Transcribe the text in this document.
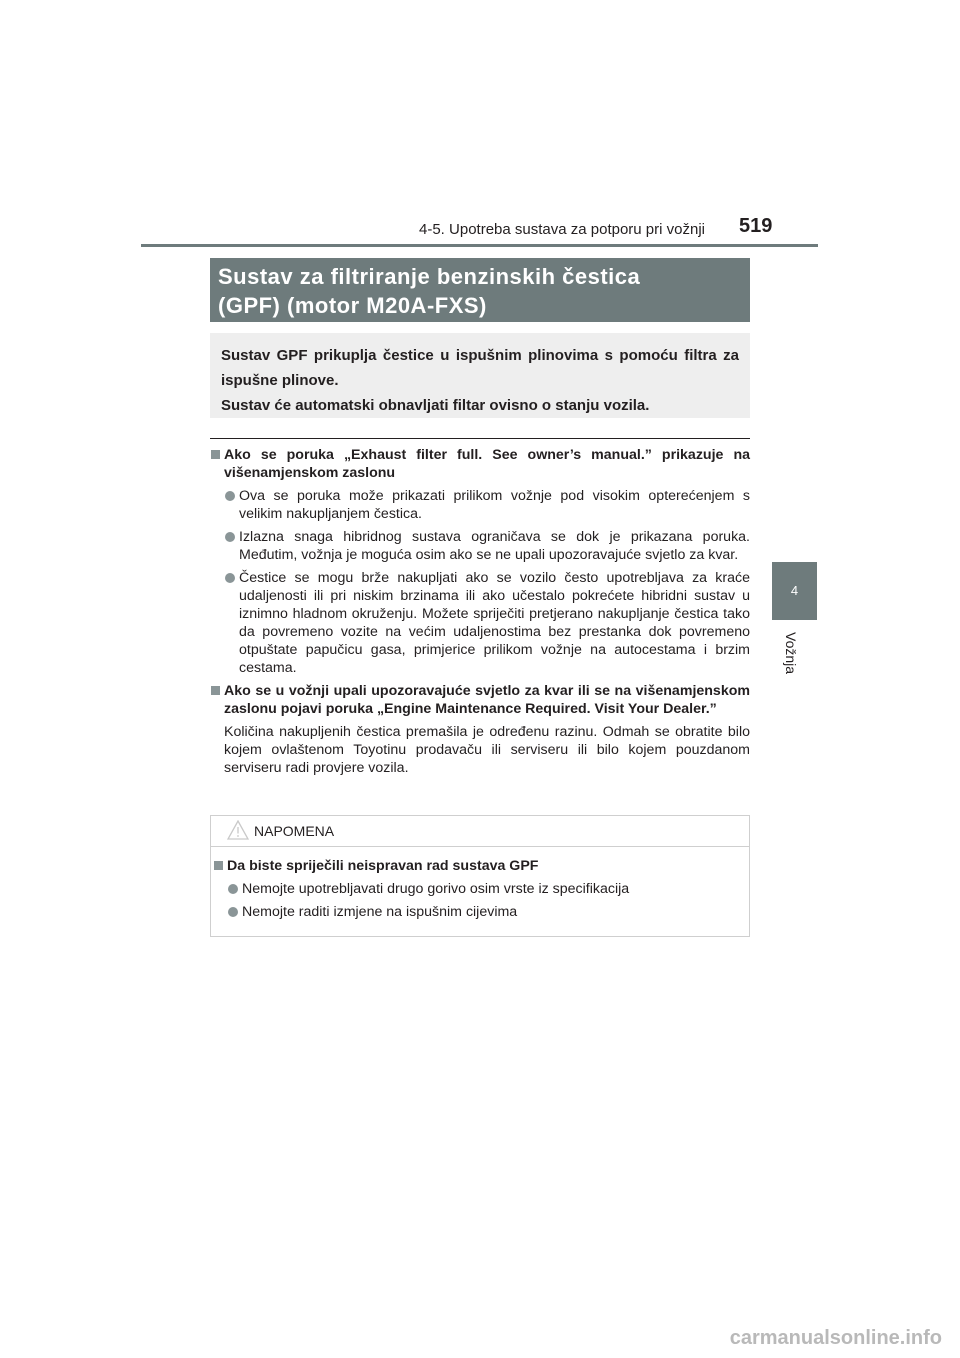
4-5. Upotreba sustava za potporu pri vožnji 519
4
Vožnja
Sustav za filtriranje benzinskih čestica
(GPF) (motor M20A-FXS)

Sustav GPF prikuplja čestice u ispušnim plinovima s pomoću filtra za ispušne plinove.

Sustav će automatski obnavljati filtar ovisno o stanju vozila.

Ako se poruka „Exhaust filter full. See owner’s manual.” prikazuje na višenamjenskom zaslonu
Ova se poruka može prikazati prilikom vožnje pod visokim opterećenjem s velikim nakupljanjem čestica.
Izlazna snaga hibridnog sustava ograničava se dok je prikazana poruka. Međutim, vožnja je moguća osim ako se ne upali upozoravajuće svjetlo za kvar.
Čestice se mogu brže nakupljati ako se vozilo često upotrebljava za kraće udaljenosti ili pri niskim brzinama ili ako učestalo pokrećete hibridni sustav u iznimno hladnom okruženju. Možete spriječiti pretjerano nakupljanje čestica tako da povremeno vozite na većim udaljenostima bez prestanka dok povremeno otpuštate papučicu gasa, primjerice prilikom vožnje na autocestama i brzim cestama.
Ako se u vožnji upali upozoravajuće svjetlo za kvar ili se na višenamjenskom zaslonu pojavi poruka „Engine Maintenance Required. Visit Your Dealer.”
Količina nakupljenih čestica premašila je određenu razinu. Odmah se obratite bilo kojem ovlaštenom Toyotinu prodavaču ili serviseru ili bilo kojem pouzdanom serviseru radi provjere vozila.
NAPOMENA
Da biste spriječili neispravan rad sustava GPF
Nemojte upotrebljavati drugo gorivo osim vrste iz specifikacija
Nemojte raditi izmjene na ispušnim cijevima
carmanualsonline.info
